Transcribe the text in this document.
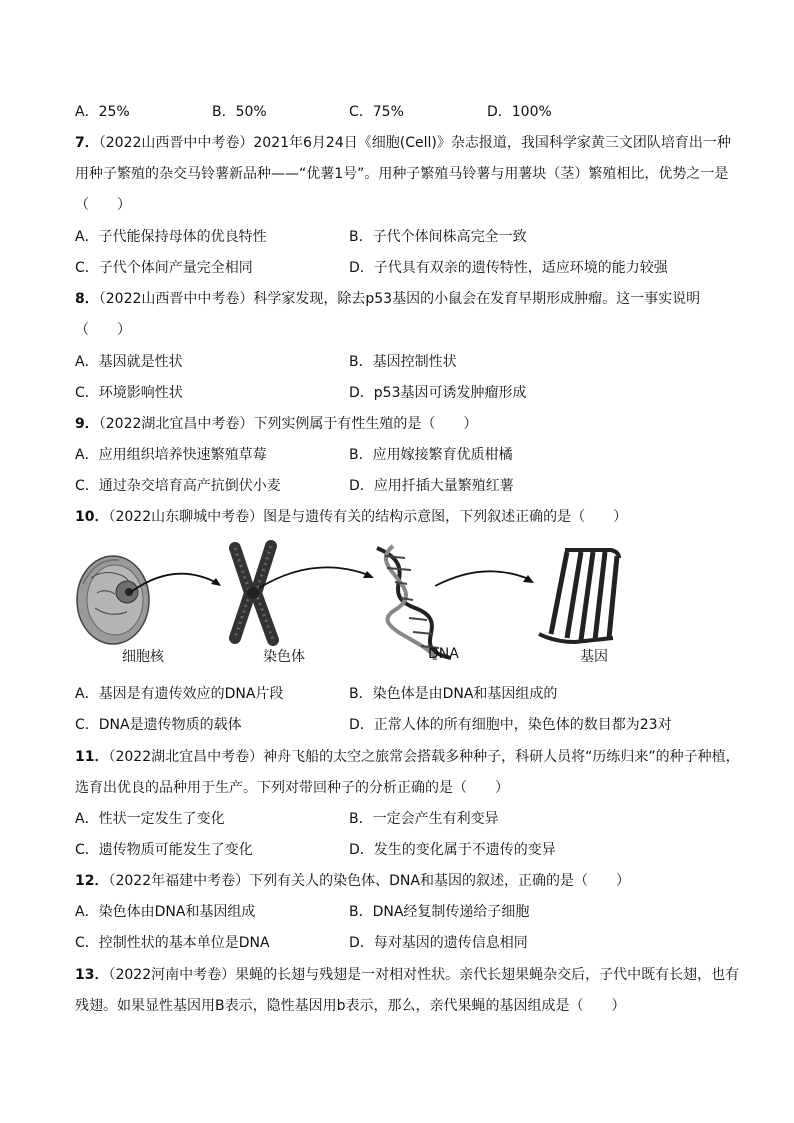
A．25%	B．50%	C．75%	D．100%
7．（2022山西晋中中考卷）2021年6月24日《细胞(Cell)》杂志报道，我国科学家黄三文团队培育出一种
用种子繁殖的杂交马铃薯新品种——“优薯1号”。用种子繁殖马铃薯与用薯块（茎）繁殖相比，优势之一是
（　　）
A．子代能保持母体的优良特性	B．子代个体间株高完全一致
C．子代个体间产量完全相同	D．子代具有双亲的遗传特性，适应环境的能力较强
8．（2022山西晋中中考卷）科学家发现，除去p53基因的小鼠会在发育早期形成肿瘤。这一事实说明
（　　）
A．基因就是性状	B．基因控制性状
C．环境影响性状	D．p53基因可诱发肿瘤形成
9．（2022湖北宜昌中考卷）下列实例属于有性生殖的是（　　）
A．应用组织培养快速繁殖草莓	B．应用嫁接繁育优质柑橘
C．通过杂交培育高产抗倒伏小麦	D．应用扦插大量繁殖红薯
10．（2022山东聊城中考卷）图是与遗传有关的结构示意图，下列叙述正确的是（　　）
细胞核	染色体	DNA	基因
A．基因是有遗传效应的DNA片段	B．染色体是由DNA和基因组成的
C．DNA是遗传物质的载体	D．正常人体的所有细胞中，染色体的数目都为23对
11．（2022湖北宜昌中考卷）神舟飞船的太空之旅常会搭载多种种子，科研人员将“历练归来”的种子种植，
选育出优良的品种用于生产。下列对带回种子的分析正确的是（　　）
A．性状一定发生了变化	B．一定会产生有利变异
C．遗传物质可能发生了变化	D．发生的变化属于不遗传的变异
12．（2022年福建中考卷）下列有关人的染色体、DNA和基因的叙述，正确的是（　　）
A．染色体由DNA和基因组成	B．DNA经复制传递给子细胞
C．控制性状的基本单位是DNA	D．每对基因的遗传信息相同
13．（2022河南中考卷）果蝇的长翅与残翅是一对相对性状。亲代长翅果蝇杂交后，子代中既有长翅，也有
残翅。如果显性基因用B表示，隐性基因用b表示，那么，亲代果蝇的基因组成是（　　）
